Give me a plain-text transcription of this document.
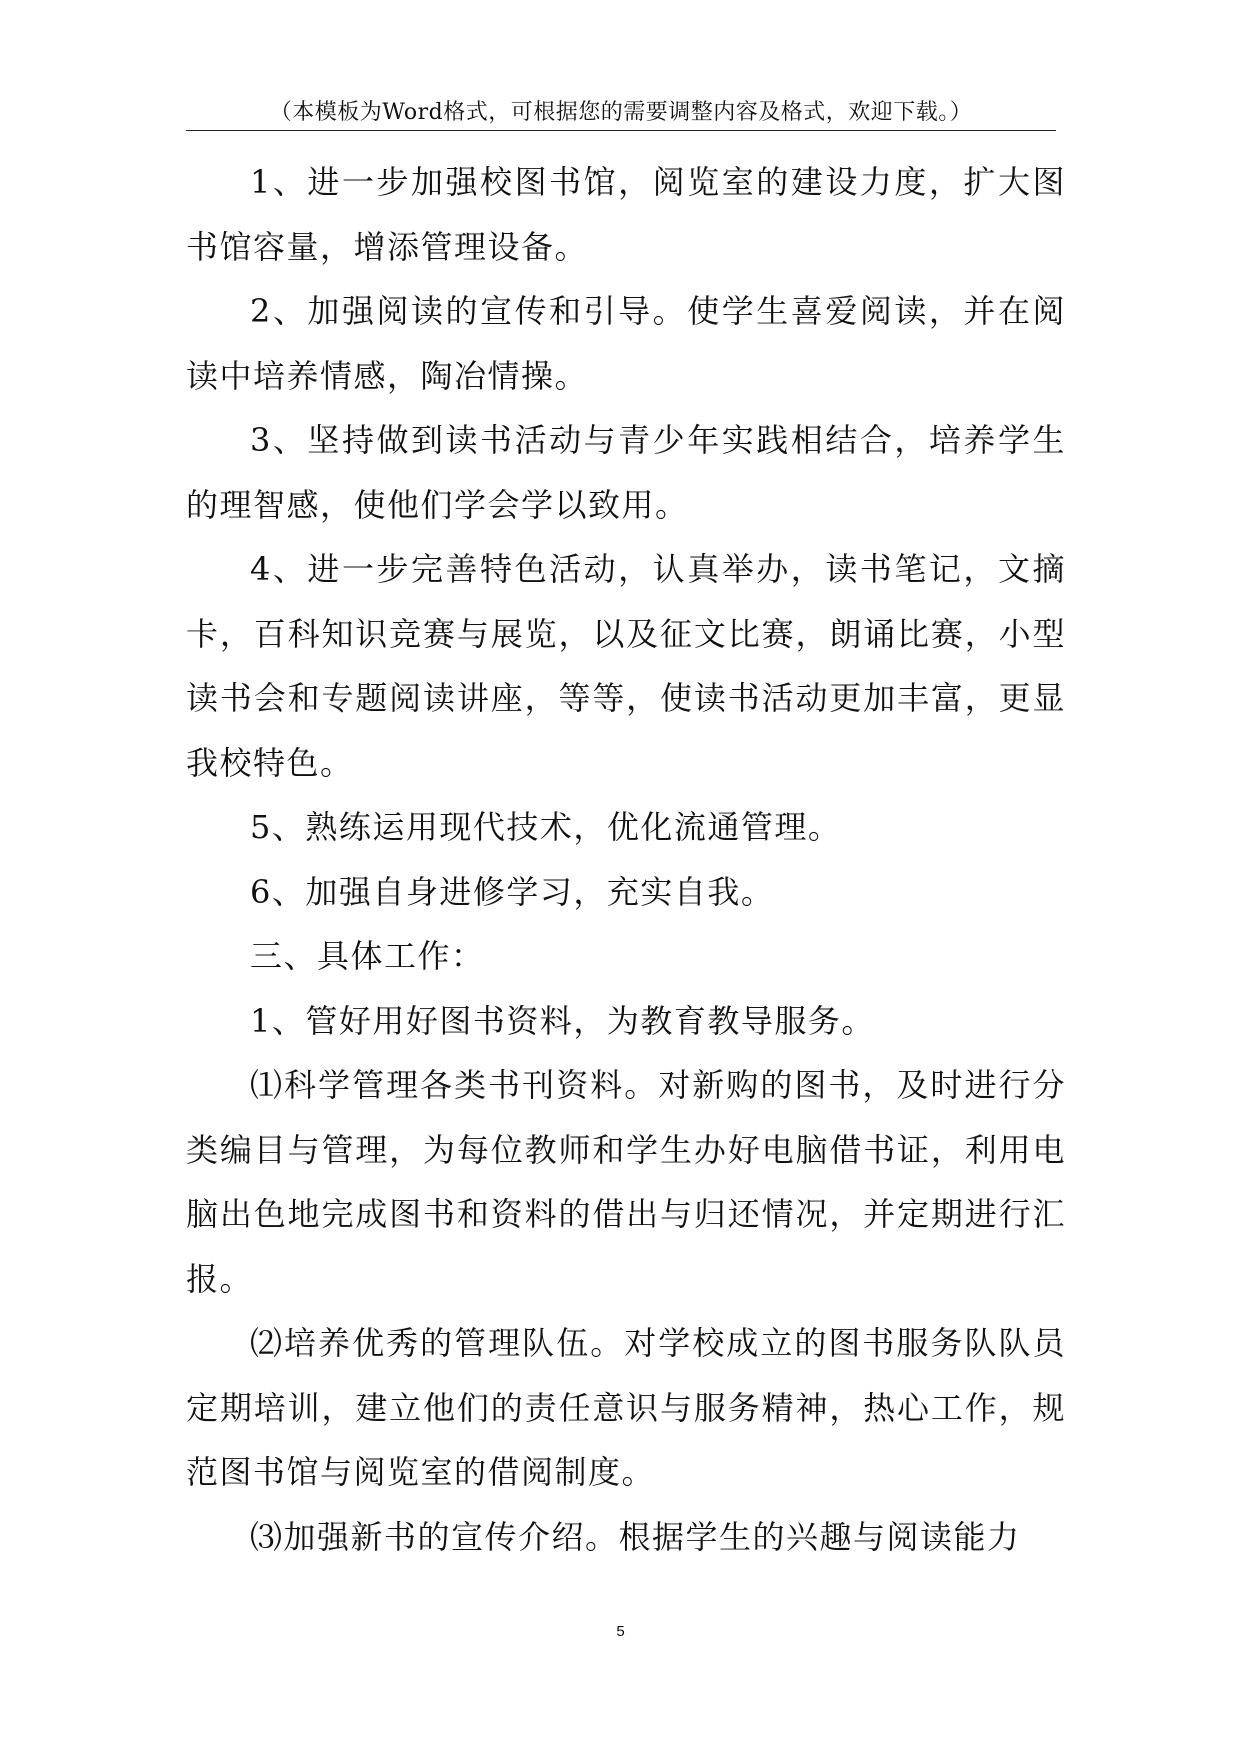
（本模板为Word格式，可根据您的需要调整内容及格式，欢迎下载。）

1、进一步加强校图书馆，阅览室的建设力度，扩大图书馆容量，增添管理设备。

2、加强阅读的宣传和引导。使学生喜爱阅读，并在阅读中培养情感，陶冶情操。

3、坚持做到读书活动与青少年实践相结合，培养学生的理智感，使他们学会学以致用。

4、进一步完善特色活动，认真举办，读书笔记，文摘卡，百科知识竞赛与展览，以及征文比赛，朗诵比赛，小型读书会和专题阅读讲座，等等，使读书活动更加丰富，更显我校特色。

5、熟练运用现代技术，优化流通管理。

6、加强自身进修学习，充实自我。

三、具体工作：

1、管好用好图书资料，为教育教导服务。

⑴科学管理各类书刊资料。对新购的图书，及时进行分类编目与管理，为每位教师和学生办好电脑借书证，利用电脑出色地完成图书和资料的借出与归还情况，并定期进行汇报。

⑵培养优秀的管理队伍。对学校成立的图书服务队队员定期培训，建立他们的责任意识与服务精神，热心工作，规范图书馆与阅览室的借阅制度。

⑶加强新书的宣传介绍。根据学生的兴趣与阅读能力

5
